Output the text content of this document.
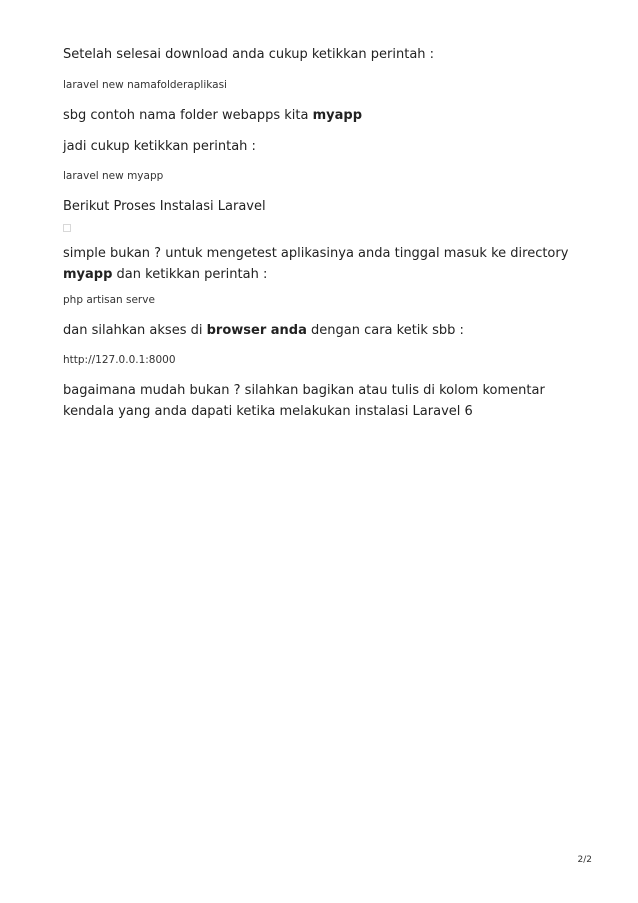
Setelah selesai download anda cukup ketikkan perintah :

laravel new namafolderaplikasi

sbg contoh nama folder webapps kita myapp

jadi cukup ketikkan perintah :

laravel new myapp

Berikut Proses Instalasi Laravel

simple bukan ? untuk mengetest aplikasinya anda tinggal masuk ke directory myapp dan ketikkan perintah :

php artisan serve

dan silahkan akses di browser anda dengan cara ketik sbb :

http://127.0.0.1:8000

bagaimana mudah bukan ? silahkan bagikan atau tulis di kolom komentar kendala yang anda dapati ketika melakukan instalasi Laravel 6

2/2
